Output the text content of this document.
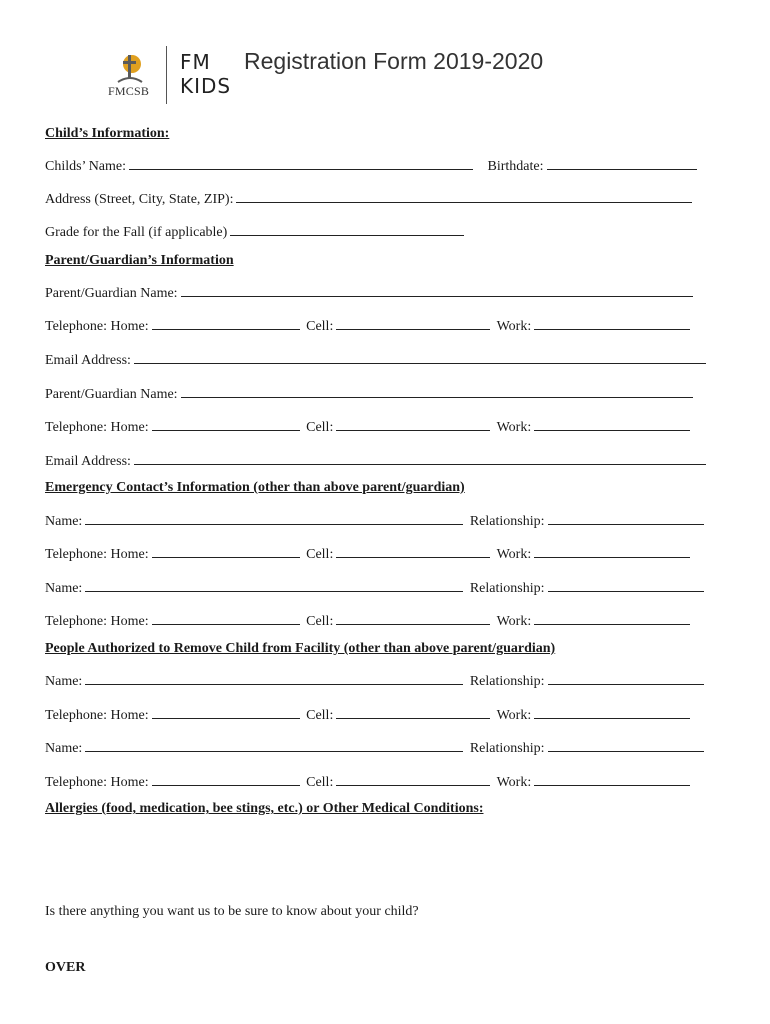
FMCSB
FM
KIDS
Registration Form 2019-2020
Child’s Information:
Childs’ Name:	Birthdate:
Address (Street, City, State, ZIP):
Grade for the Fall (if applicable)
Parent/Guardian’s Information
Parent/Guardian Name:
Telephone: Home:	Cell:	Work:
Email Address:
Parent/Guardian Name:
Telephone: Home:	Cell:	Work:
Email Address:
Emergency Contact’s Information (other than above parent/guardian)
Name:	Relationship:
Telephone: Home:	Cell:	Work:
Name:	Relationship:
Telephone: Home:	Cell:	Work:
People Authorized to Remove Child from Facility (other than above parent/guardian)
Name:	Relationship:
Telephone: Home:	Cell:	Work:
Name:	Relationship:
Telephone: Home:	Cell:	Work:
Allergies (food, medication, bee stings, etc.) or Other Medical Conditions:
Is there anything you want us to be sure to know about your child?
OVER
